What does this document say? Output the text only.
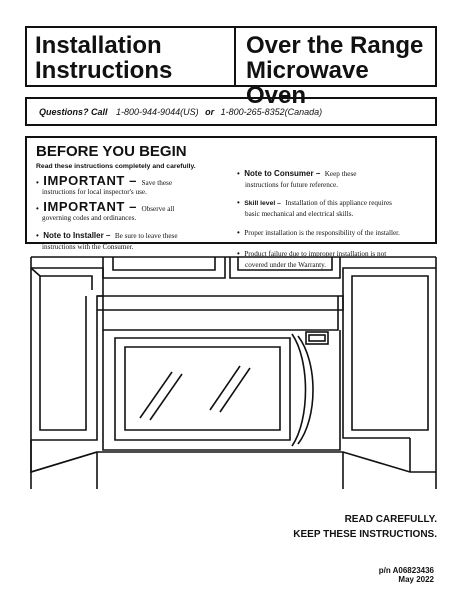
Installation
Instructions
Over the Range
Microwave Oven
Questions? Call 1-800-944-9044(US) or 1-800-265-8352(Canada)
BEFORE YOU BEGIN
Read these instructions completely and carefully.
• IMPORTANT – Save these
instructions for local inspector's use.
• IMPORTANT – Observe all
governing codes and ordinances.
• Note to Installer – Be sure to leave these
instructions with the Consumer.
• Note to Consumer – Keep these
instructions for future reference.
• Skill level – Installation of this appliance requires
basic mechanical and electrical skills.
• Proper installation is the responsibility of the installer.
• Product failure due to improper installation is not
covered under the Warranty.
READ CAREFULLY.
KEEP THESE INSTRUCTIONS.
p/n A06823436
May 2022
